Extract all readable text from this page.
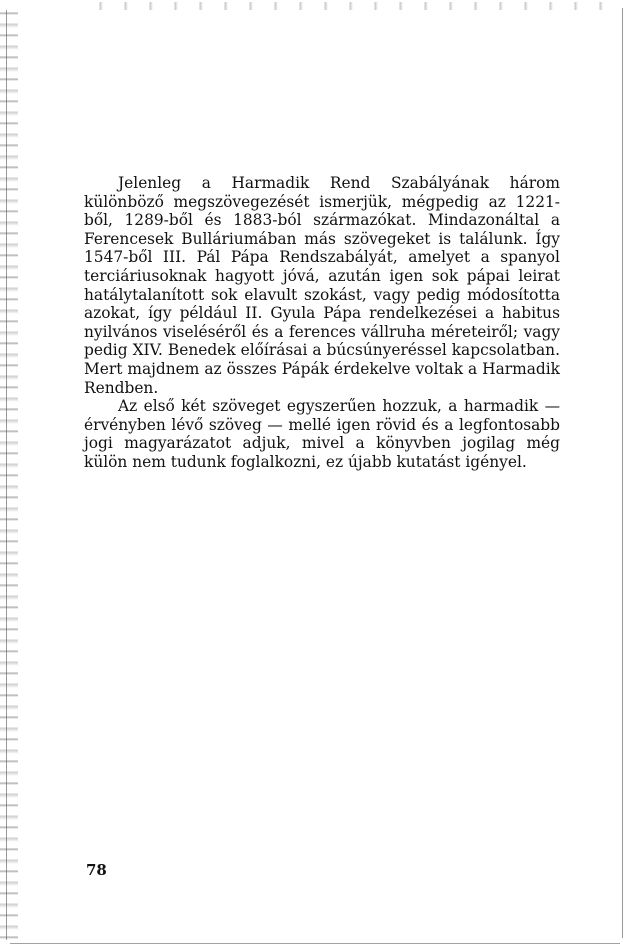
Jelenleg a Harmadik Rend Szabályának három különböző megszövegezését ismerjük, mégpedig az 1221-ből, 1289-ből és 1883-ból származókat. Mindazonáltal a Ferencesek Bulláriumában más szövegeket is találunk. Így 1547-ből III. Pál Pápa Rendszabályát, amelyet a spanyol terciáriusoknak hagyott jóvá, azután igen sok pápai leirat hatálytalanított sok elavult szokást, vagy pedig módosította azokat, így például II. Gyula Pápa rendelkezései a habitus nyilvános viseléséről és a ferences vállruha méreteiről; vagy pedig XIV. Benedek előírásai a búcsúnyeréssel kapcsolatban. Mert majdnem az összes Pápák érdekelve voltak a Harmadik Rendben.

Az első két szöveget egyszerűen hozzuk, a harmadik — érvényben lévő szöveg — mellé igen rövid és a legfontosabb jogi magyarázatot adjuk, mivel a könyvben jogilag még külön nem tudunk foglalkozni, ez újabb kutatást igényel.

78
